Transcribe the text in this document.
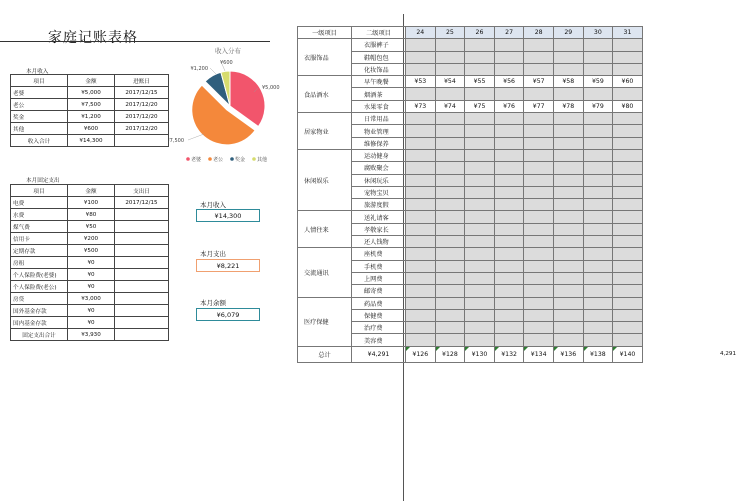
家庭记账表格
本月收入
项目	金额	进账日
老婆	¥5,000	2017/12/15
老公	¥7,500	2017/12/20
奖金	¥1,200	2017/12/20
其他	¥600	2017/12/20
收入合计	¥14,300	
本月固定支出
项目	金额	支出日
电费	¥100	2017/12/15
水费	¥80	
煤气费	¥50	
信用卡	¥200	
定期存款	¥500	
房租	¥0	
个人保险费(老婆)	¥0	
个人保险费(老公)	¥0	
房贷	¥3,000	
国外基金存款	¥0	
国内基金存款	¥0	
固定支出合计	¥3,930	
收入分布
¥5,000
¥7,500
¥1,200
¥600
老婆 老公 奖金 其他
本月收入
¥14,300
本月支出
¥8,221
本月余额
¥6,079
一级项目	二级项目	24	25	26	27	28	29	30	31
衣服饰品	衣服裤子								
	鞋帽包包								
	化妆饰品								
食品酒水	早午晚餐	¥53	¥54	¥55	¥56	¥57	¥58	¥59	¥60
	烟酒茶								
	水果零食	¥73	¥74	¥75	¥76	¥77	¥78	¥79	¥80
居家物业	日常用品								
	物业管理								
	维修保养								
休闲娱乐	运动健身								
	腐败聚会								
	休闲玩乐								
	宠物宝贝								
	旅游度假								
人情往来	送礼请客								
	孝敬家长								
	还人钱物								
交流通讯	座机费								
	手机费								
	上网费								
	邮寄费								
医疗保健	药品费								
	保健费								
	治疗费								
	美容费								
总计	¥4,291	¥126	¥128	¥130	¥132	¥134	¥136	¥138	¥140	4,291
